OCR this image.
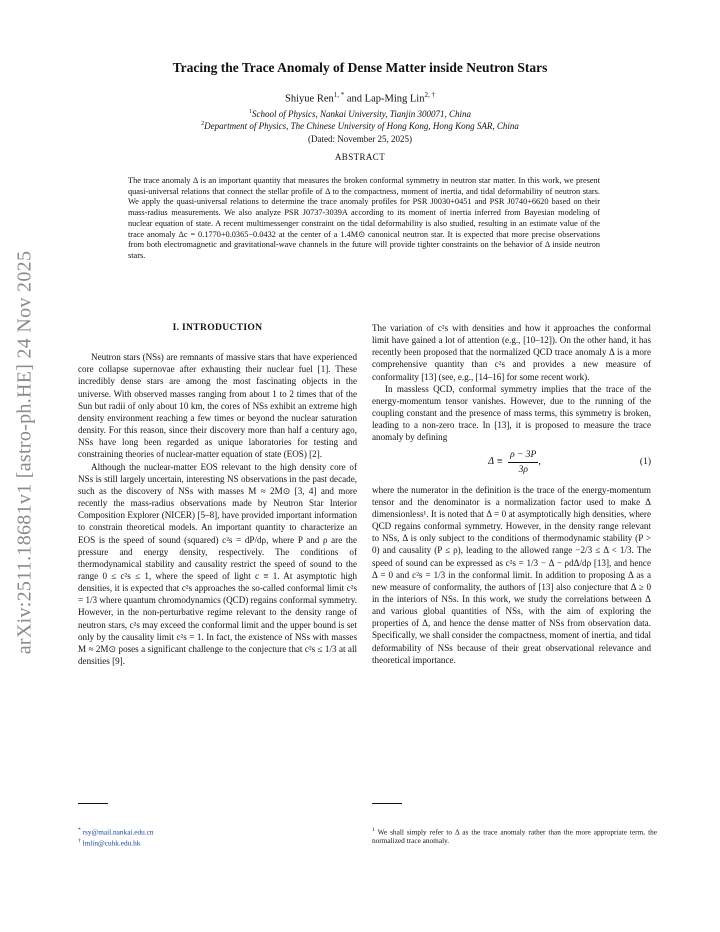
arXiv:2511.18681v1 [astro-ph.HE] 24 Nov 2025
Tracing the Trace Anomaly of Dense Matter inside Neutron Stars
Shiyue Ren$^{1, *}$ and Lap-Ming Lin$^{2, \dagger}$
$^1$School of Physics, Nankai University, Tianjin 300071, China
$^2$Department of Physics, The Chinese University of Hong Kong, Hong Kong SAR, China
(Dated: November 25, 2025)
ABSTRACT
The trace anomaly Δ is an important quantity that measures the broken conformal symmetry in neutron star matter. In this work, we present quasi-universal relations that connect the stellar profile of Δ to the compactness, moment of inertia, and tidal deformability of neutron stars. We apply the quasi-universal relations to determine the trace anomaly profiles for PSR J0030+0451 and PSR J0740+6620 based on their mass-radius measurements. We also analyze PSR J0737-3039A according to its moment of inertia inferred from Bayesian modeling of nuclear equation of state. A recent multimessenger constraint on the tidal deformability is also studied, resulting in an estimate value of the trace anomaly Δc = 0.1770+0.0365−0.0432 at the center of a 1.4M⊙ canonical neutron star. It is expected that more precise observations from both electromagnetic and gravitational-wave channels in the future will provide tighter constraints on the behavior of Δ inside neutron stars.
I. INTRODUCTION

Neutron stars (NSs) are remnants of massive stars that have experienced core collapse supernovae after exhausting their nuclear fuel [1]. These incredibly dense stars are among the most fascinating objects in the universe. With observed masses ranging from about 1 to 2 times that of the Sun but radii of only about 10 km, the cores of NSs exhibit an extreme high density environment reaching a few times or beyond the nuclear saturation density. For this reason, since their discovery more than half a century ago, NSs have long been regarded as unique laboratories for testing and constraining theories of nuclear-matter equation of state (EOS) [2].

Although the nuclear-matter EOS relevant to the high density core of NSs is still largely uncertain, interesting NS observations in the past decade, such as the discovery of NSs with masses M ≈ 2M⊙ [3, 4] and more recently the mass-radius observations made by Neutron Star Interior Composition Explorer (NICER) [5–8], have provided important information to constrain theoretical models. An important quantity to characterize an EOS is the speed of sound (squared) c²s = dP/dρ, where P and ρ are the pressure and energy density, respectively. The conditions of thermodynamical stability and causality restrict the speed of sound to the range 0 ≤ c²s ≤ 1, where the speed of light c ≡ 1. At asymptotic high densities, it is expected that c²s approaches the so-called conformal limit c²s = 1/3 where quantum chromodynamics (QCD) regains conformal symmetry. However, in the non-perturbative regime relevant to the density range of neutron stars, c²s may exceed the conformal limit and the upper bound is set only by the causality limit c²s = 1. In fact, the existence of NSs with masses M ≈ 2M⊙ poses a significant challenge to the conjecture that c²s ≤ 1/3 at all densities [9].

The variation of c²s with densities and how it approaches the conformal limit have gained a lot of attention (e.g., [10–12]). On the other hand, it has recently been proposed that the normalized QCD trace anomaly Δ is a more comprehensive quantity than c²s and provides a new measure of conformality [13] (see, e.g., [14–16] for some recent work).

In massless QCD, conformal symmetry implies that the trace of the energy-momentum tensor vanishes. However, due to the running of the coupling constant and the presence of mass terms, this symmetry is broken, leading to a non-zero trace. In [13], it is proposed to measure the trace anomaly by defining

$\Delta \equiv \frac{\rho - 3P}{3\rho}$ ,	(1)

where the numerator in the definition is the trace of the energy-momentum tensor and the denominator is a normalization factor used to make Δ dimensionless¹. It is noted that Δ = 0 at asymptotically high densities, where QCD regains conformal symmetry. However, in the density range relevant to NSs, Δ is only subject to the conditions of thermodynamic stability (P > 0) and causality (P ≤ ρ), leading to the allowed range −2/3 ≤ Δ < 1/3. The speed of sound can be expressed as c²s = 1/3 − Δ − ρdΔ/dρ [13], and hence Δ = 0 and c²s = 1/3 in the conformal limit. In addition to proposing Δ as a new measure of conformality, the authors of [13] also conjecture that Δ ≥ 0 in the interiors of NSs. In this work, we study the correlations between Δ and various global quantities of NSs, with the aim of exploring the properties of Δ, and hence the dense matter of NSs from observation data. Specifically, we shall consider the compactness, moment of inertia, and tidal deformability of NSs because of their great observational relevance and theoretical importance.

* rsy@mail.nankai.edu.cn
† lmlin@cuhk.edu.hk
$^1$ We shall simply refer to Δ as the trace anomaly rather than the more appropriate term, the normalized trace anomaly.
